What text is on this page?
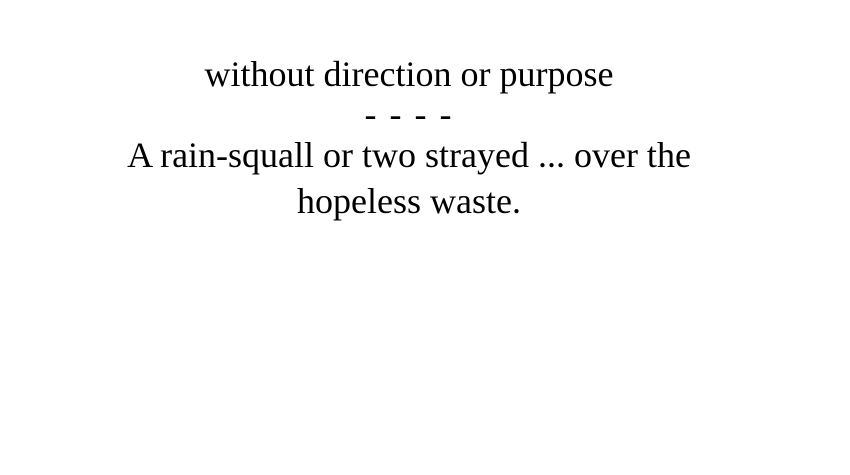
without direction or purpose

- - - -

A rain-squall or two strayed ... over the hopeless waste.
